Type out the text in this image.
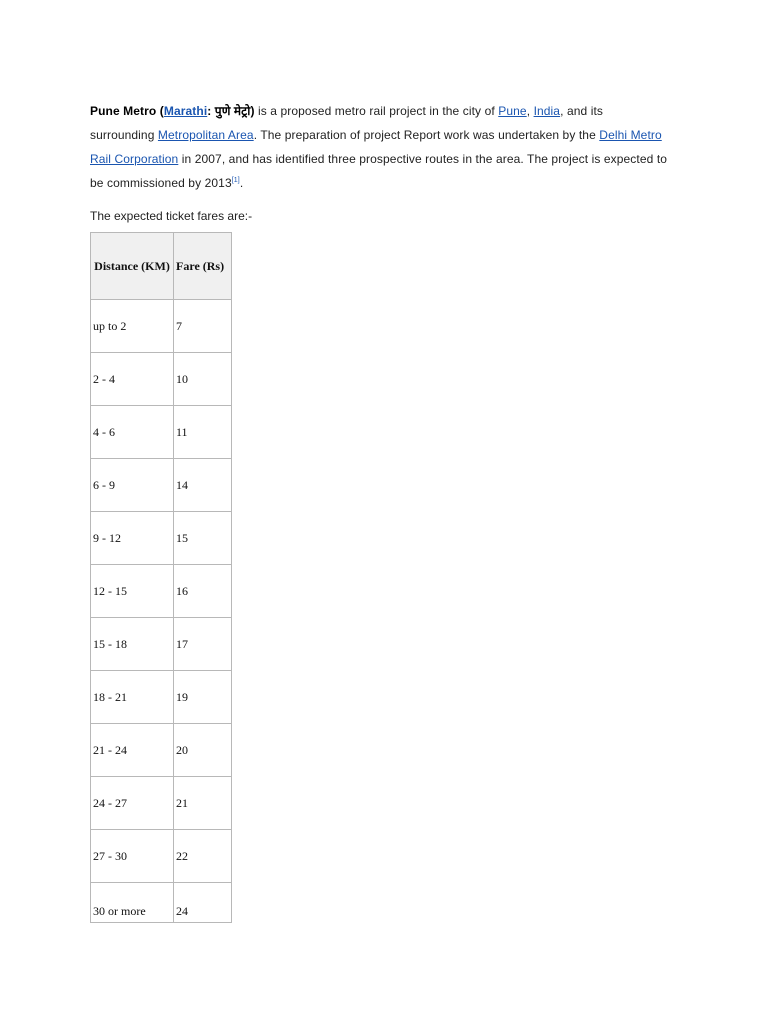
Pune Metro (Marathi: पुणे मेट्रो) is a proposed metro rail project in the city of Pune, India, and its surrounding Metropolitan Area. The preparation of project Report work was undertaken by the Delhi Metro Rail Corporation in 2007, and has identified three prospective routes in the area. The project is expected to be commissioned by 2013[1].
The expected ticket fares are:-
Distance (KM)	Fare (Rs)
up to 2	7
2 - 4	10
4 - 6	11
6 - 9	14
9 - 12	15
12 - 15	16
15 - 18	17
18 - 21	19
21 - 24	20
24 - 27	21
27 - 30	22
30 or more	24
